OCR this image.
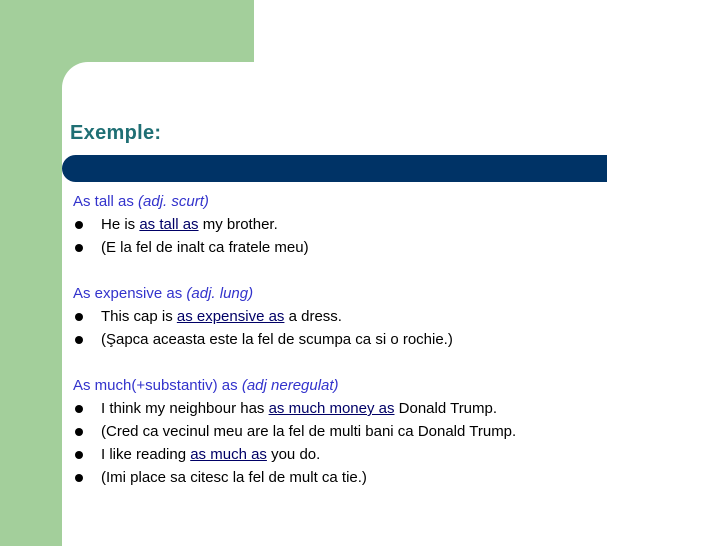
Exemple:
As tall as (adj. scurt)
He is as tall as my brother.
(E la fel de inalt ca fratele meu)
As expensive as (adj. lung)
This cap is as expensive as a dress.
(Şapca aceasta este la fel de scumpa ca si o rochie.)
As much(+substantiv) as (adj neregulat)
I think my neighbour has as much money as Donald Trump.
(Cred ca vecinul meu are la fel de multi bani ca Donald Trump.
I like reading as much as you do.
(Imi place sa citesc la fel de mult ca tie.)
